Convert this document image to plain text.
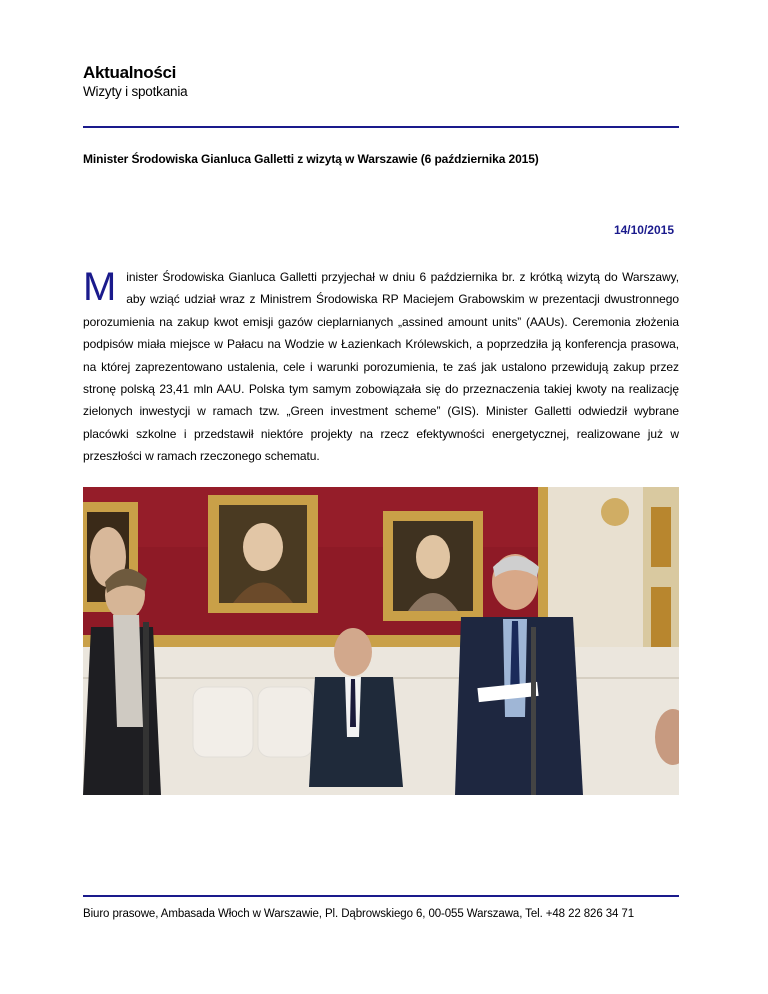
Aktualności
Wizyty i spotkania
Minister Środowiska Gianluca Galletti z wizytą w Warszawie (6 października 2015)
14/10/2015
Minister Środowiska Gianluca Galletti przyjechał w dniu 6 października br. z krótką wizytą do Warszawy, aby wziąć udział wraz z Ministrem Środowiska RP Maciejem Grabowskim w prezentacji dwustronnego porozumienia na zakup kwot emisji gazów cieplarnianych „assined amount units” (AAUs). Ceremonia złożenia podpisów miała miejsce w Pałacu na Wodzie w Łazienkach Królewskich, a poprzedziła ją konferencja prasowa, na której zaprezentowano ustalenia, cele i warunki porozumienia, te zaś jak ustalono przewidują zakup przez stronę polską 23,41 mln AAU. Polska tym samym zobowiązała się do przeznaczenia takiej kwoty na realizację zielonych inwestycji w ramach tzw. „Green investment scheme” (GIS). Minister Galletti odwiedził wybrane placówki szkolne i przedstawił niektóre projekty na rzecz efektywności energetycznej, realizowane już w przeszłości w ramach rzeczonego schematu.
Biuro prasowe, Ambasada Włoch w Warszawie, Pl. Dąbrowskiego 6, 00-055 Warszawa, Tel. +48 22 826 34 71
